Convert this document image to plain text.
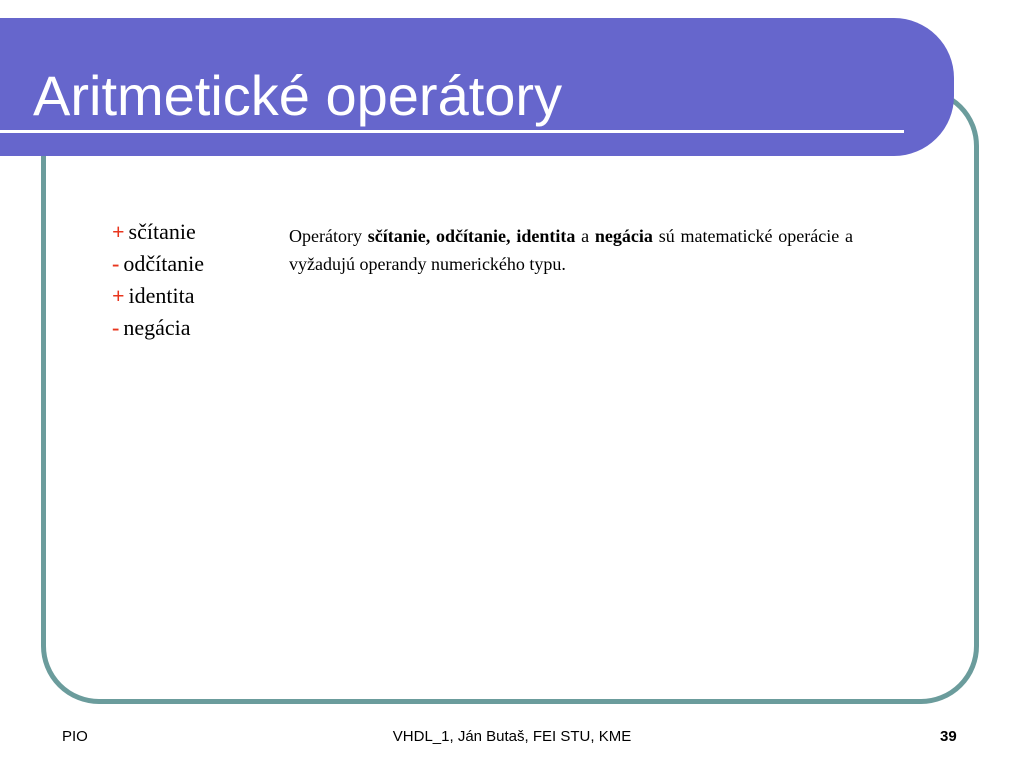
Aritmetické operátory
+ sčítanie
- odčítanie
+ identita
- negácia
Operátory sčítanie, odčítanie, identita a negácia sú matematické operácie a vyžadujú operandy numerického typu.
PIO	VHDL_1, Ján Butaš, FEI STU, KME	39
